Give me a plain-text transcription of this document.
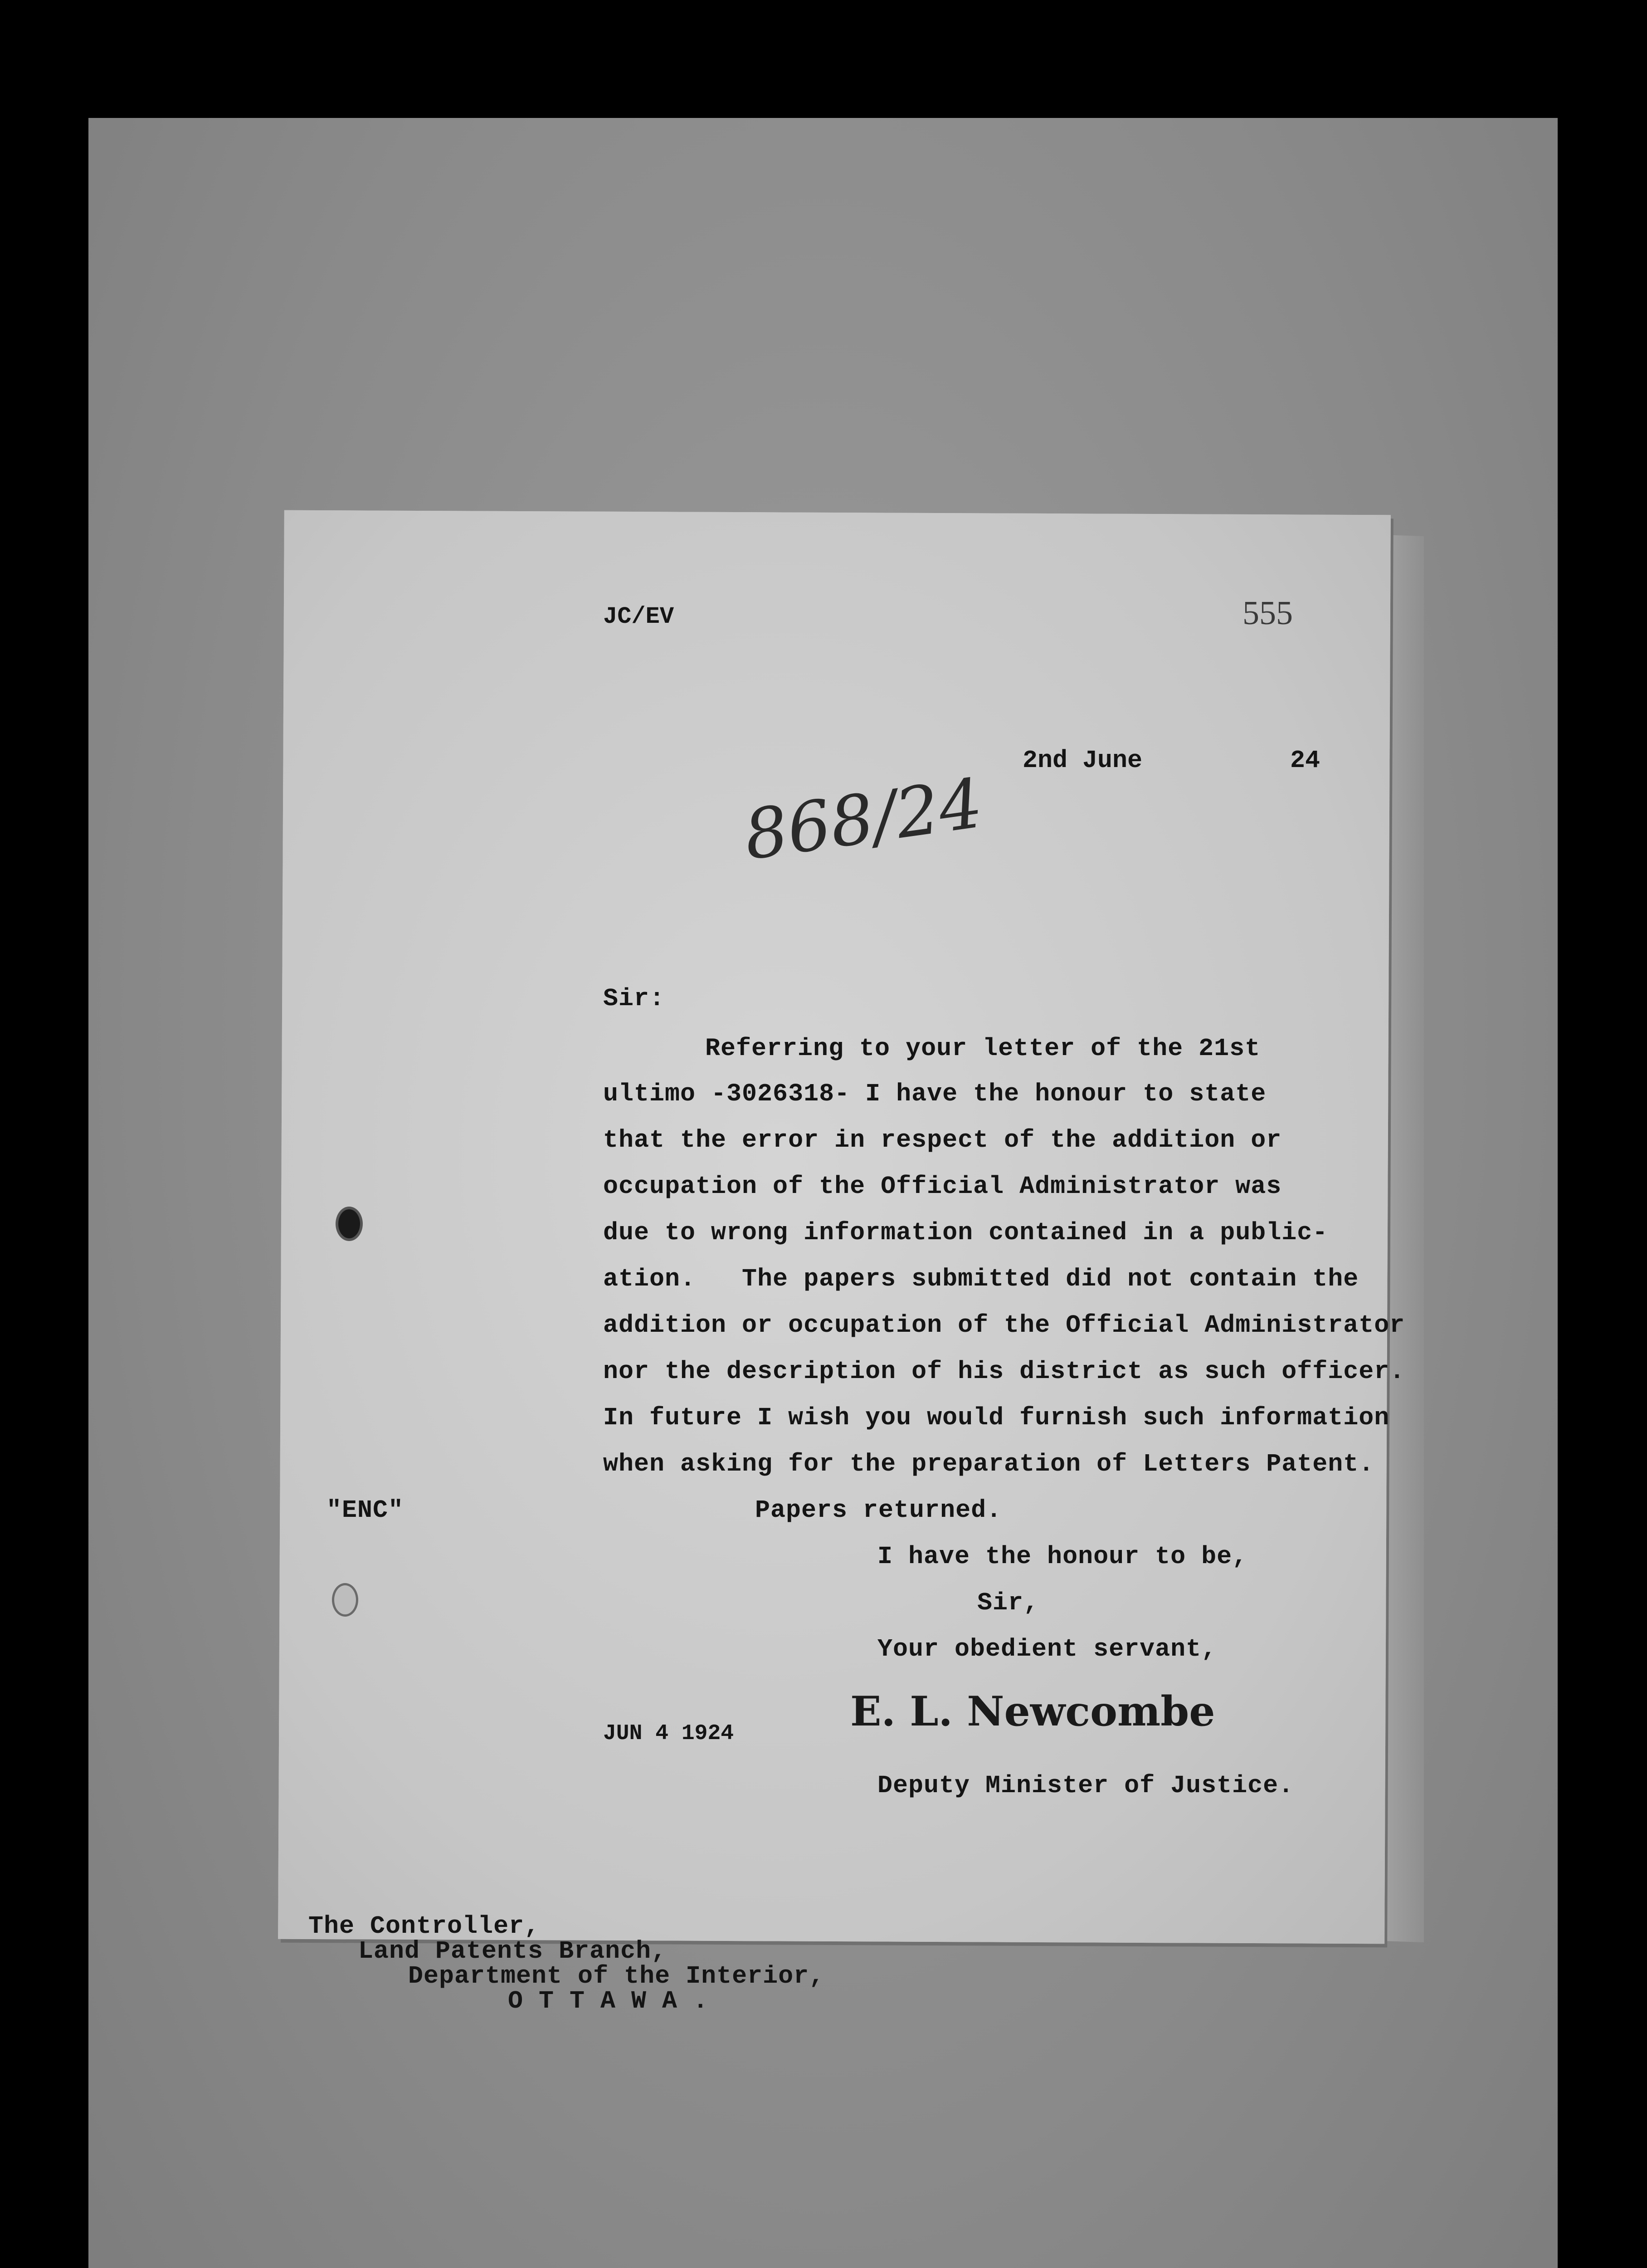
JC/EV	555
2nd June	24
868/24
Sir:
Referring to your letter of the 21st
ultimo -3026318- I have the honour to state
that the error in respect of the addition or
occupation of the Official Administrator was
due to wrong information contained in a public-
ation.   The papers submitted did not contain the
addition or occupation of the Official Administrator
nor the description of his district as such officer.
In future I wish you would furnish such information
when asking for the preparation of Letters Patent.
"ENC"	Papers returned.
I have the honour to be,
Sir,
Your obedient servant,
JUN 4 1924	E. L. Newcombe
Deputy Minister of Justice.
The Controller,
Land Patents Branch,
Department of the Interior,
O T T A W A .
